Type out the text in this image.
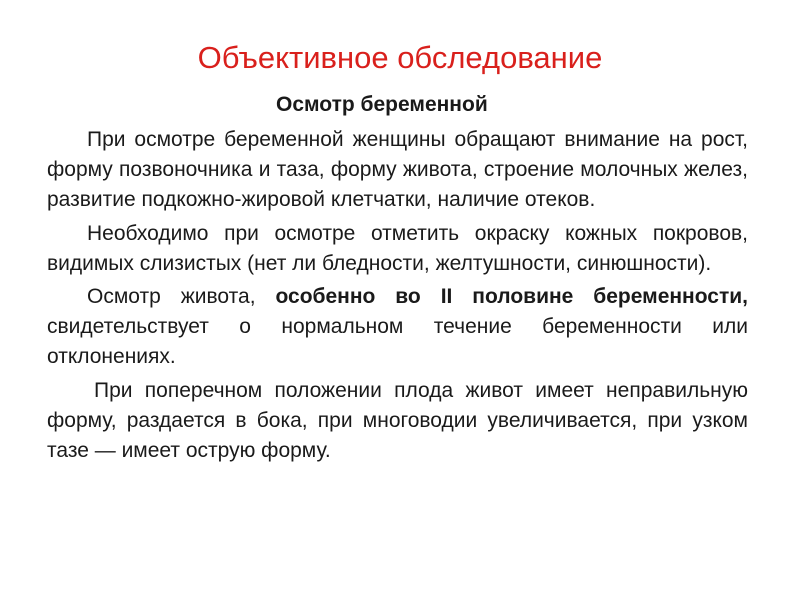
Объективное обследование
Осмотр беременной

При осмотре беременной женщины обращают внимание на рост, форму позвоночника и таза, форму живота, строение молочных желез, развитие подкожно-жировой клетчатки, наличие отеков.

Необходимо при осмотре отметить окраску кожных покровов, видимых слизистых (нет ли бледности, желтушности, синюшности).

Осмотр живота, особенно во II половине беременности, свидетельствует о нормальном течение беременности или отклонениях.

При поперечном положении плода живот имеет неправильную форму, раздается в бока, при многоводии увеличивается, при узком тазе — имеет острую форму.
